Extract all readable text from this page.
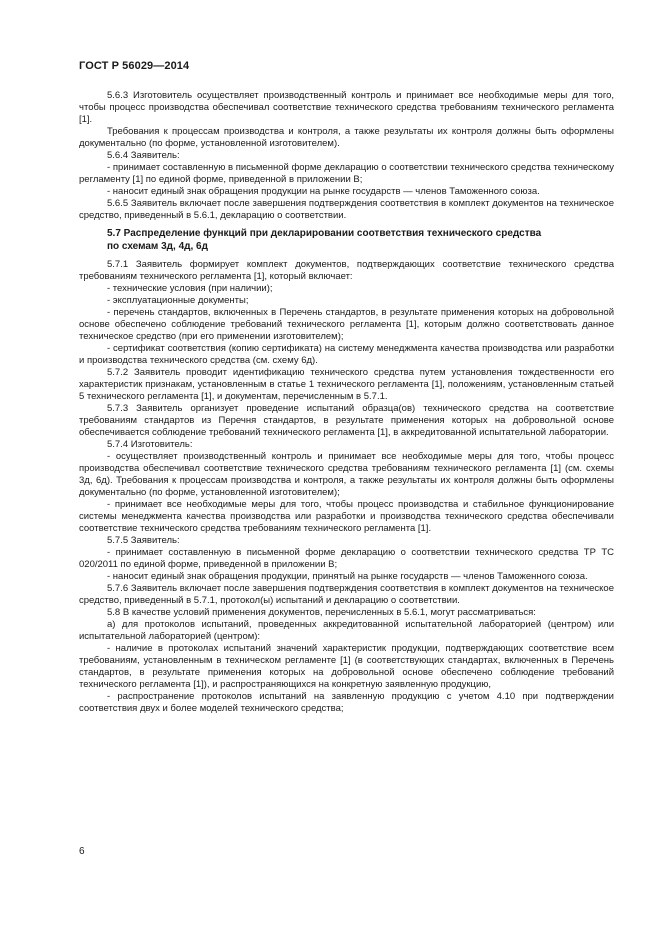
ГОСТ Р 56029—2014

5.6.3 Изготовитель осуществляет производственный контроль и принимает все необходимые меры для того, чтобы процесс производства обеспечивал соответствие технического средства требованиям технического регламента [1].

Требования к процессам производства и контроля, а также результаты их контроля должны быть оформлены документально (по форме, установленной изготовителем).

5.6.4 Заявитель:

- принимает составленную в письменной форме декларацию о соответствии технического средства техническому регламенту [1] по единой форме, приведенной в приложении В;

- наносит единый знак обращения продукции на рынке государств — членов Таможенного союза.

5.6.5 Заявитель включает после завершения подтверждения соответствия в комплект документов на техническое средство, приведенный в 5.6.1, декларацию о соответствии.

5.7 Распределение функций при декларировании соответствия технического средства
по схемам 3д, 4д, 6д

5.7.1 Заявитель формирует комплект документов, подтверждающих соответствие технического средства требованиям технического регламента [1], который включает:

- технические условия (при наличии);

- эксплуатационные документы;

- перечень стандартов, включенных в Перечень стандартов, в результате применения которых на добровольной основе обеспечено соблюдение требований технического регламента [1], которым должно соответствовать данное техническое средство (при его применении изготовителем);

- сертификат соответствия (копию сертификата) на систему менеджмента качества производства или разработки и производства технического средства (см. схему 6д).

5.7.2 Заявитель проводит идентификацию технического средства путем установления тождественности его характеристик признакам, установленным в статье 1 технического регламента [1], положениям, установленным статьей 5 технического регламента [1], и документам, перечисленным в 5.7.1.

5.7.3 Заявитель организует проведение испытаний образца(ов) технического средства на соответствие требованиям стандартов из Перечня стандартов, в результате применения которых на добровольной основе обеспечивается соблюдение требований технического регламента [1], в аккредитованной испытательной лаборатории.

5.7.4 Изготовитель:

- осуществляет производственный контроль и принимает все необходимые меры для того, чтобы процесс производства обеспечивал соответствие технического средства требованиям технического регламента [1] (см. схемы 3д, 6д). Требования к процессам производства и контроля, а также результаты их контроля должны быть оформлены документально (по форме, установленной изготовителем);

- принимает все необходимые меры для того, чтобы процесс производства и стабильное функционирование системы менеджмента качества производства или разработки и производства технического средства обеспечивали соответствие технического средства требованиям технического регламента [1].

5.7.5 Заявитель:

- принимает составленную в письменной форме декларацию о соответствии технического средства ТР ТС 020/2011 по единой форме, приведенной в приложении В;

- наносит единый знак обращения продукции, принятый на рынке государств — членов Таможенного союза.

5.7.6 Заявитель включает после завершения подтверждения соответствия в комплект документов на техническое средство, приведенный в 5.7.1, протокол(ы) испытаний и декларацию о соответствии.

5.8 В качестве условий применения документов, перечисленных в 5.6.1, могут рассматриваться:

а) для протоколов испытаний, проведенных аккредитованной испытательной лабораторией (центром) или испытательной лабораторией (центром):

- наличие в протоколах испытаний значений характеристик продукции, подтверждающих соответствие всем требованиям, установленным в техническом регламенте [1] (в соответствующих стандартах, включенных в Перечень стандартов, в результате применения которых на добровольной основе обеспечено соблюдение требований технического регламента [1]), и распространяющихся на конкретную заявленную продукцию,

- распространение протоколов испытаний на заявленную продукцию с учетом 4.10 при подтверждении соответствия двух и более моделей технического средства;

6
